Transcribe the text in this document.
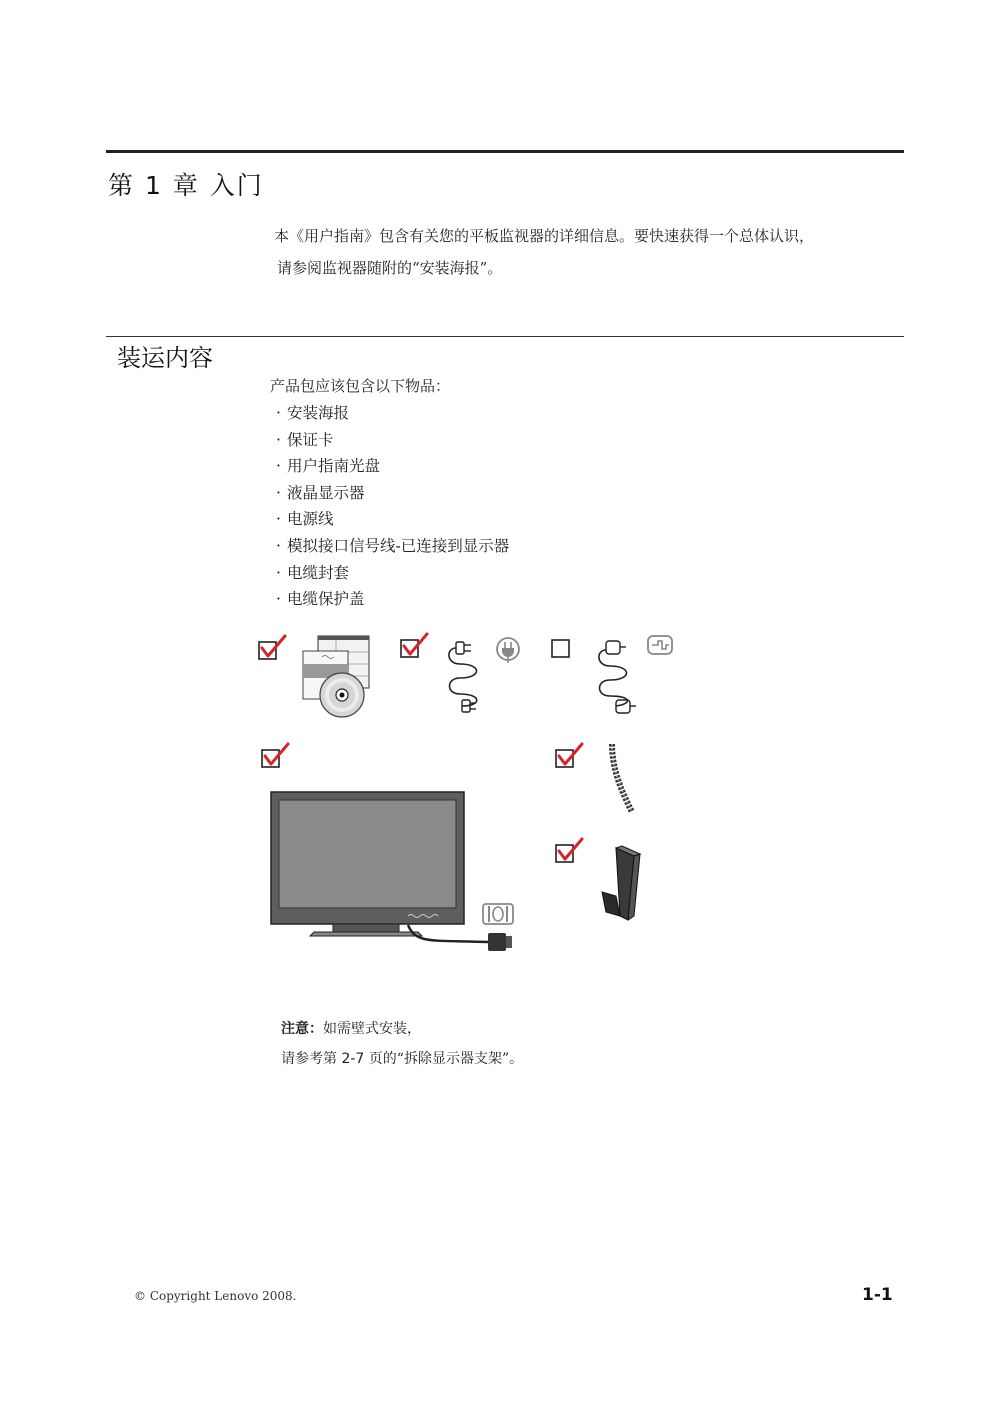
第 1 章 入门

本《用户指南》包含有关您的平板监视器的详细信息。要快速获得一个总体认识，

请参阅监视器随附的“安装海报”。

装运内容
产品包应该包含以下物品：
· 安装海报
· 保证卡
· 用户指南光盘
· 液晶显示器
· 电源线
· 模拟接口信号线-已连接到显示器
· 电缆封套
· 电缆保护盖

注意：如需壁式安装，

请参考第 2-7 页的“拆除显示器支架”。

© Copyright Lenovo 2008.	1-1
